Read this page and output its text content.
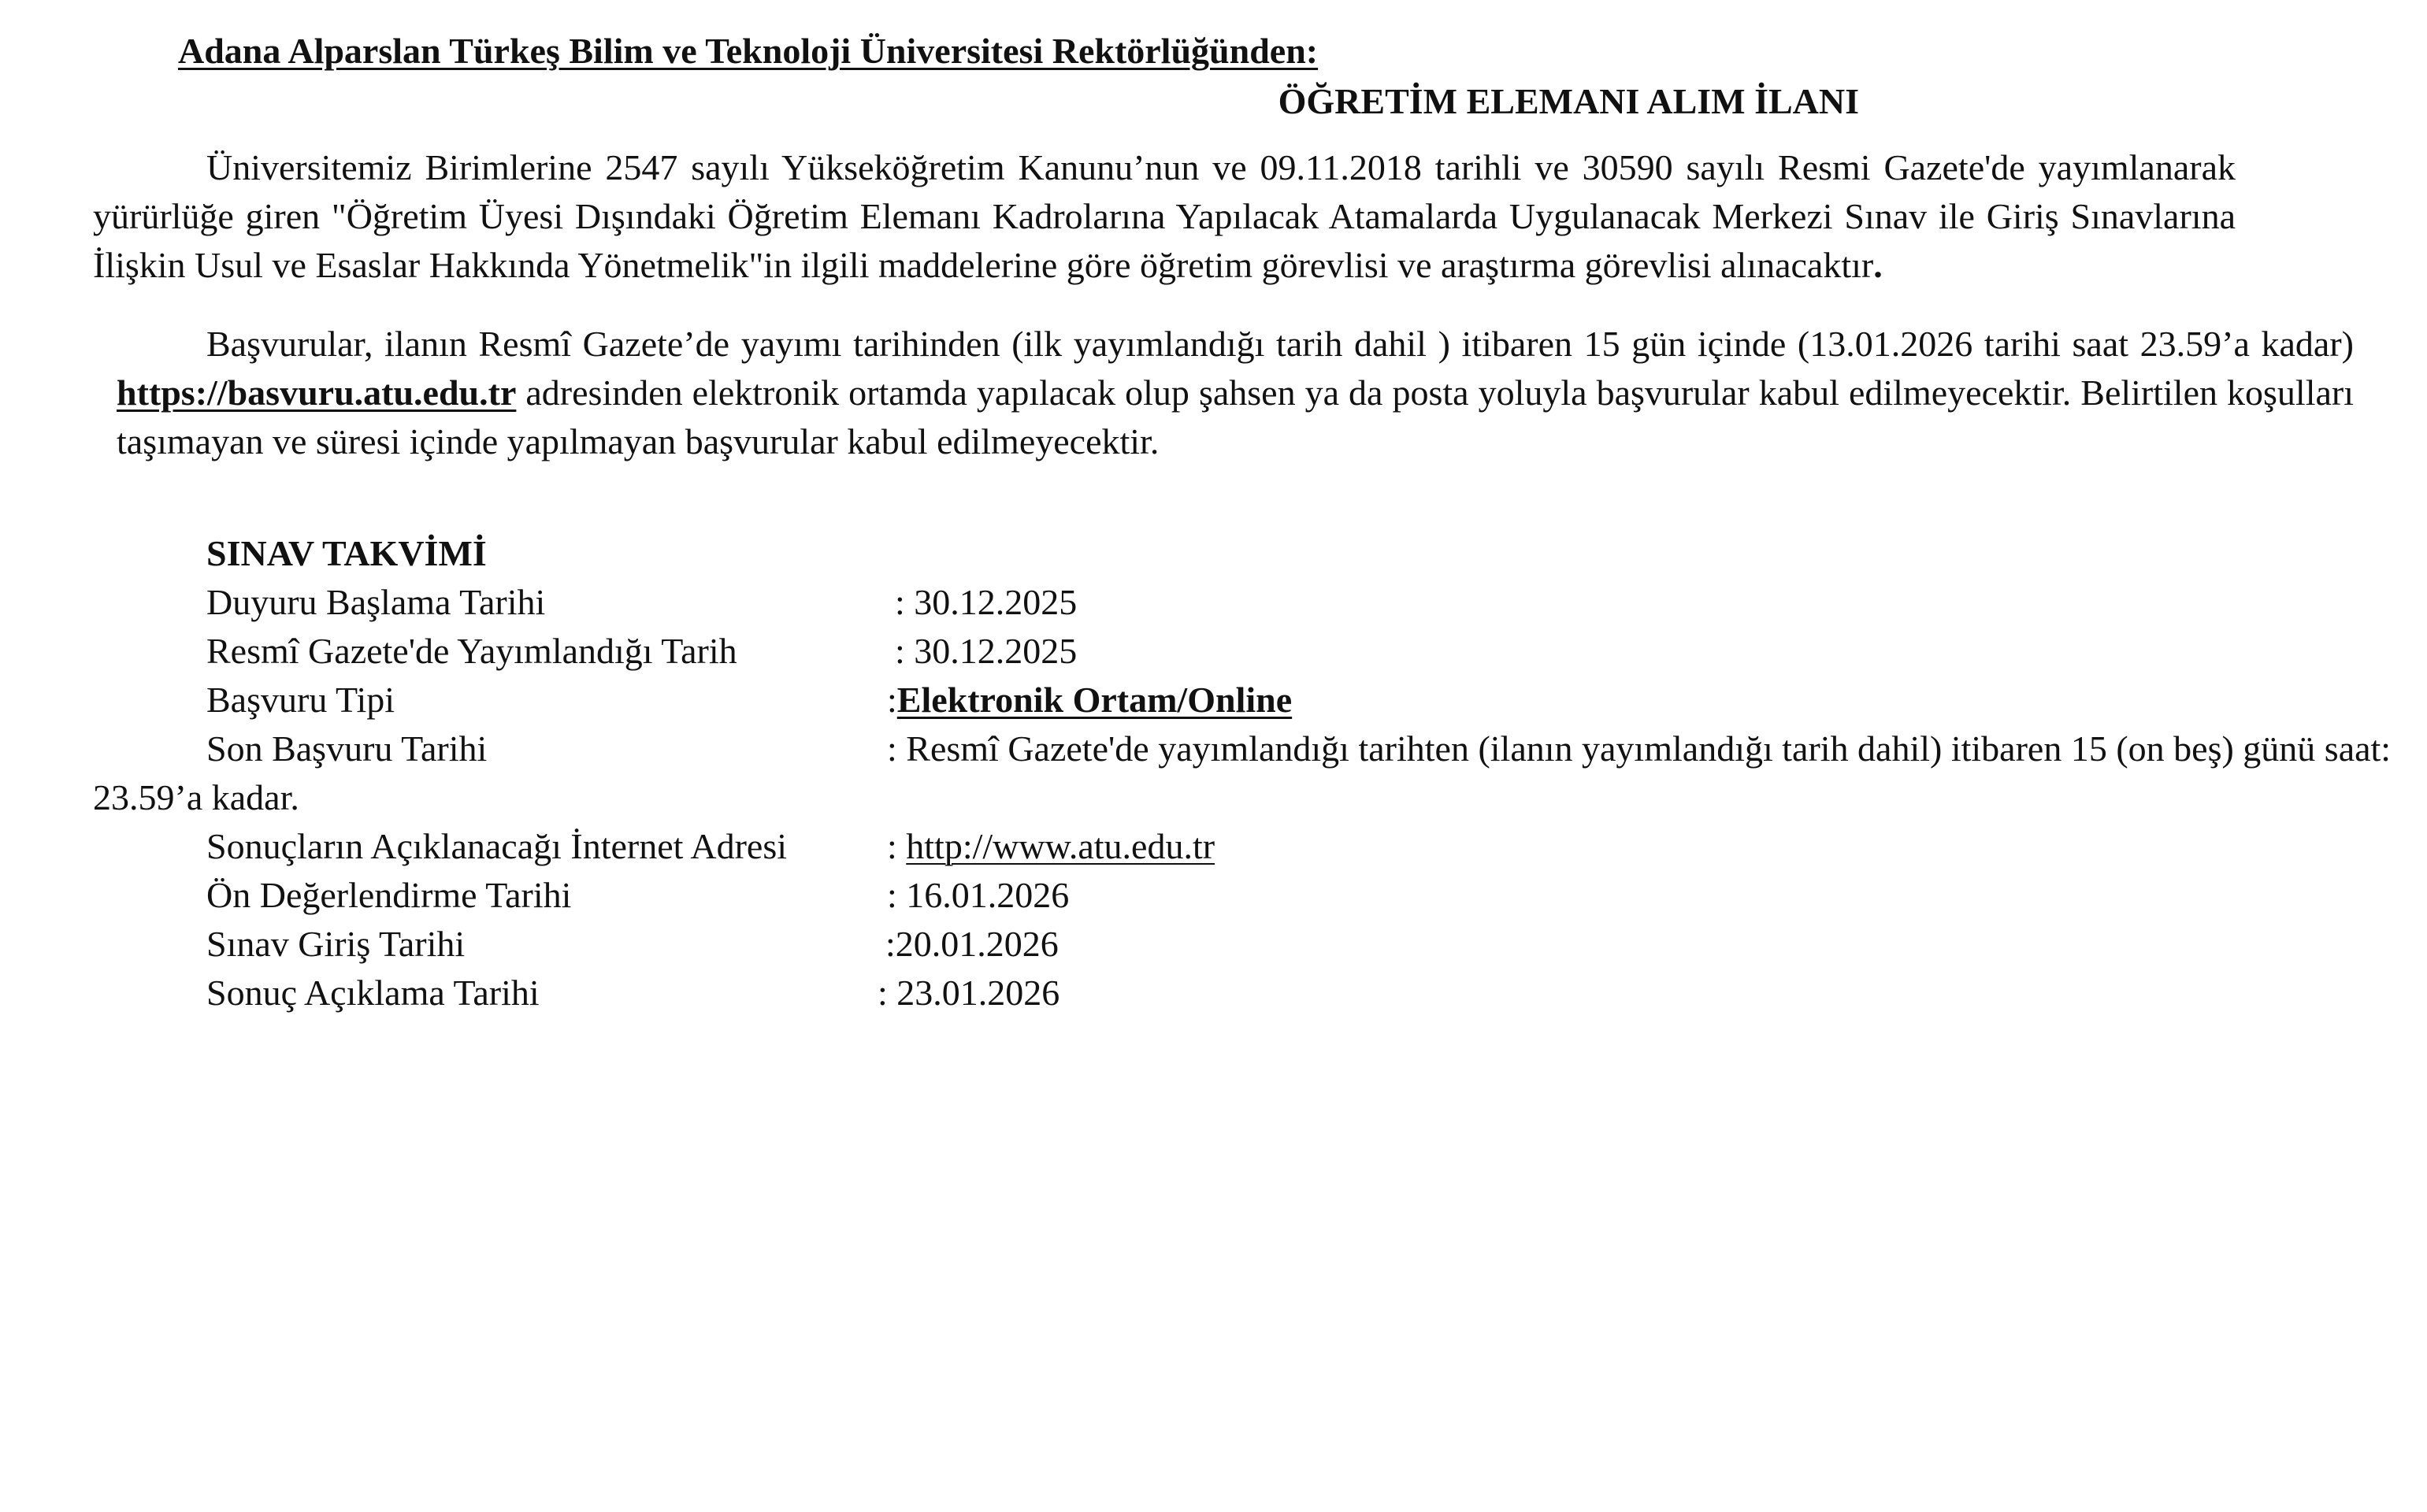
Adana Alparslan Türkeş Bilim ve Teknoloji Üniversitesi Rektörlüğünden:
ÖĞRETİM ELEMANI ALIM İLANI
Üniversitemiz Birimlerine 2547 sayılı Yükseköğretim Kanunu’nun ve 09.11.2018 tarihli ve 30590 sayılı Resmi Gazete'de yayımlanarak
yürürlüğe giren "Öğretim Üyesi Dışındaki Öğretim Elemanı Kadrolarına Yapılacak Atamalarda Uygulanacak Merkezi Sınav ile Giriş Sınavlarına
İlişkin Usul ve Esaslar Hakkında Yönetmelik"in ilgili maddelerine göre öğretim görevlisi ve araştırma görevlisi alınacaktır.
Başvurular, ilanın Resmî Gazete’de yayımı tarihinden (ilk yayımlandığı tarih dahil ) itibaren 15 gün içinde (13.01.2026 tarihi saat 23.59’a kadar)
https://basvuru.atu.edu.tr adresinden elektronik ortamda yapılacak olup şahsen ya da posta yoluyla başvurular kabul edilmeyecektir. Belirtilen koşulları
taşımayan ve süresi içinde yapılmayan başvurular kabul edilmeyecektir.
SINAV TAKVİMİ
Duyuru Başlama Tarihi	: 30.12.2025
Resmî Gazete'de Yayımlandığı Tarih	: 30.12.2025
Başvuru Tipi	:Elektronik Ortam/Online
Son Başvuru Tarihi	: Resmî Gazete'de yayımlandığı tarihten (ilanın yayımlandığı tarih dahil) itibaren 15 (on beş) günü saat:
23.59’a kadar.
Sonuçların Açıklanacağı İnternet Adresi	: http://www.atu.edu.tr
Ön Değerlendirme Tarihi	: 16.01.2026
Sınav Giriş Tarihi	:20.01.2026
Sonuç Açıklama Tarihi	: 23.01.2026
